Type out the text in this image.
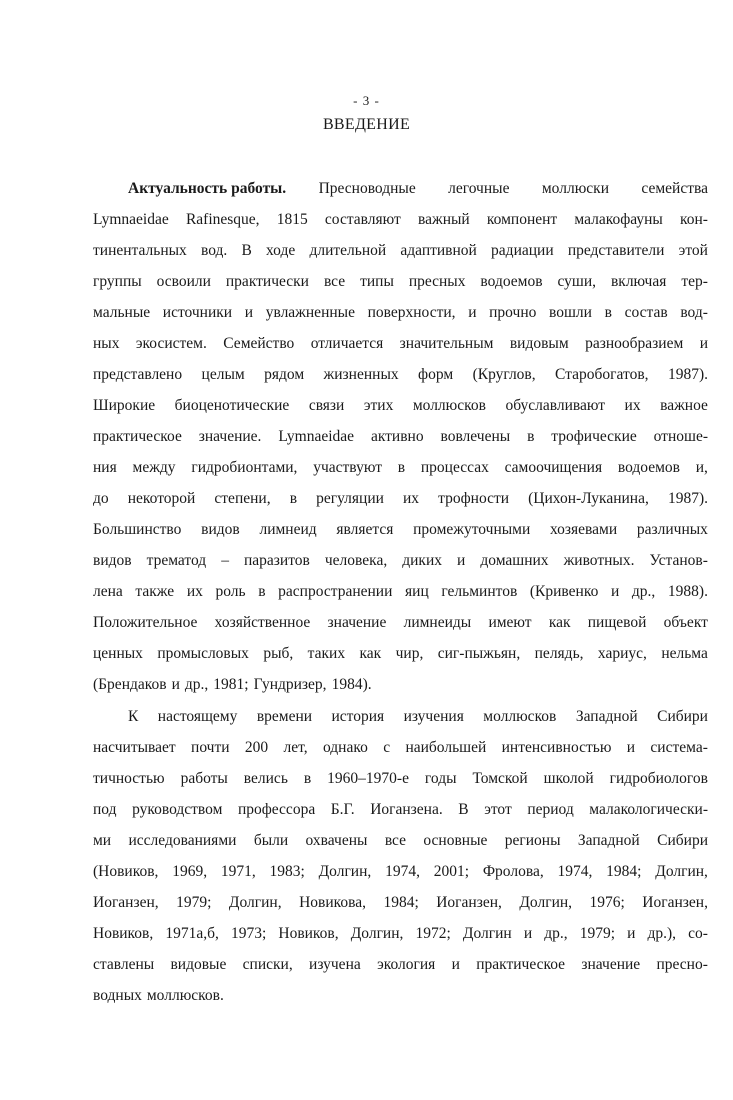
- 3 -
ВВЕДЕНИЕ
Актуальность работы. Пресноводные легочные моллюски семейства
Lymnaeidae Rafinesque, 1815 составляют важный компонент малакофауны кон-
тинентальных вод. В ходе длительной адаптивной радиации представители этой
группы освоили практически все типы пресных водоемов суши, включая тер-
мальные источники и увлажненные поверхности, и прочно вошли в состав вод-
ных экосистем. Семейство отличается значительным видовым разнообразием и
представлено целым рядом жизненных форм (Круглов, Старобогатов, 1987).
Широкие биоценотические связи этих моллюсков обуславливают их важное
практическое значение. Lymnaeidae активно вовлечены в трофические отноше-
ния между гидробионтами, участвуют в процессах самоочищения водоемов и,
до некоторой степени, в регуляции их трофности (Цихон-Луканина, 1987).
Большинство видов лимнеид является промежуточными хозяевами различных
видов трематод – паразитов человека, диких и домашних животных. Установ-
лена также их роль в распространении яиц гельминтов (Кривенко и др., 1988).
Положительное хозяйственное значение лимнеиды имеют как пищевой объект
ценных промысловых рыб, таких как чир, сиг-пыжьян, пелядь, хариус, нельма
(Брендаков и др., 1981; Гундризер, 1984).
К настоящему времени история изучения моллюсков Западной Сибири
насчитывает почти 200 лет, однако с наибольшей интенсивностью и система-
тичностью работы велись в 1960–1970-е годы Томской школой гидробиологов
под руководством профессора Б.Г. Иоганзена. В этот период малакологически-
ми исследованиями были охвачены все основные регионы Западной Сибири
(Новиков, 1969, 1971, 1983; Долгин, 1974, 2001; Фролова, 1974, 1984; Долгин,
Иоганзен, 1979; Долгин, Новикова, 1984; Иоганзен, Долгин, 1976; Иоганзен,
Новиков, 1971а,б, 1973; Новиков, Долгин, 1972; Долгин и др., 1979; и др.), со-
ставлены видовые списки, изучена экология и практическое значение пресно-
водных моллюсков.
